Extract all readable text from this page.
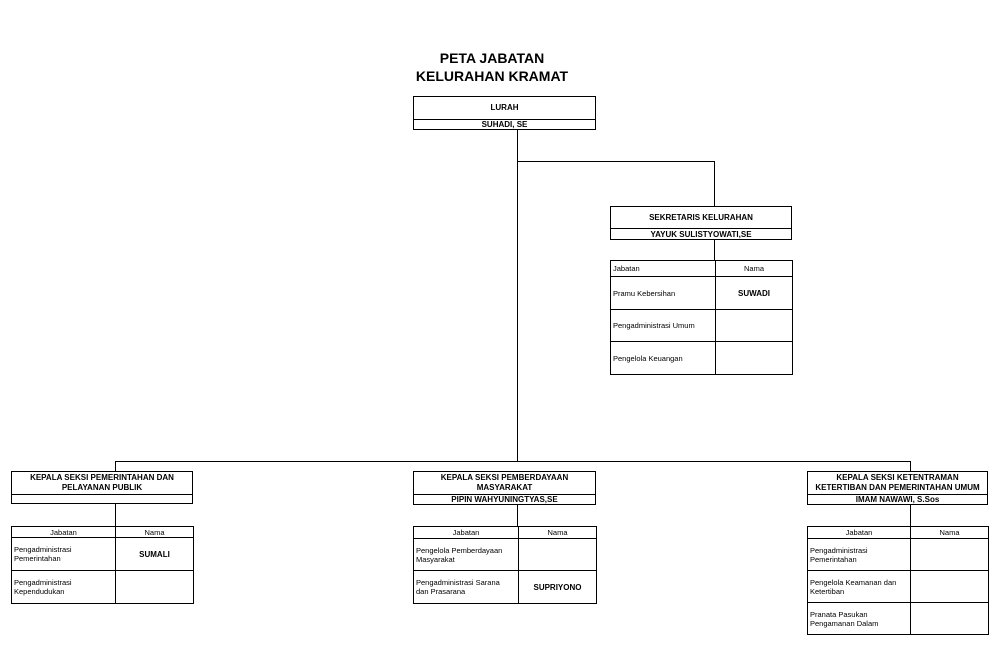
PETA JABATAN
KELURAHAN KRAMAT
LURAH
SUHADI, SE
SEKRETARIS KELURAHAN
YAYUK SULISTYOWATI,SE
Jabatan	Nama
Pramu Kebersihan	SUWADI
Pengadministrasi Umum	
Pengelola Keuangan	
KEPALA SEKSI PEMERINTAHAN DAN
PELAYANAN PUBLIK
Jabatan	Nama
Pengadministrasi
Pemerintahan	SUMALI
Pengadministrasi
Kependudukan	
KEPALA SEKSI PEMBERDAYAAN
MASYARAKAT
PIPIN WAHYUNINGTYAS,SE
Jabatan	Nama
Pengelola Pemberdayaan
Masyarakat	
Pengadministrasi Sarana
dan Prasarana	SUPRIYONO
KEPALA SEKSI KETENTRAMAN
KETERTIBAN DAN PEMERINTAHAN UMUM
IMAM NAWAWI, S.Sos
Jabatan	Nama
Pengadministrasi
Pemerintahan	
Pengelola Keamanan dan
Ketertiban	
Pranata Pasukan
Pengamanan Dalam	
